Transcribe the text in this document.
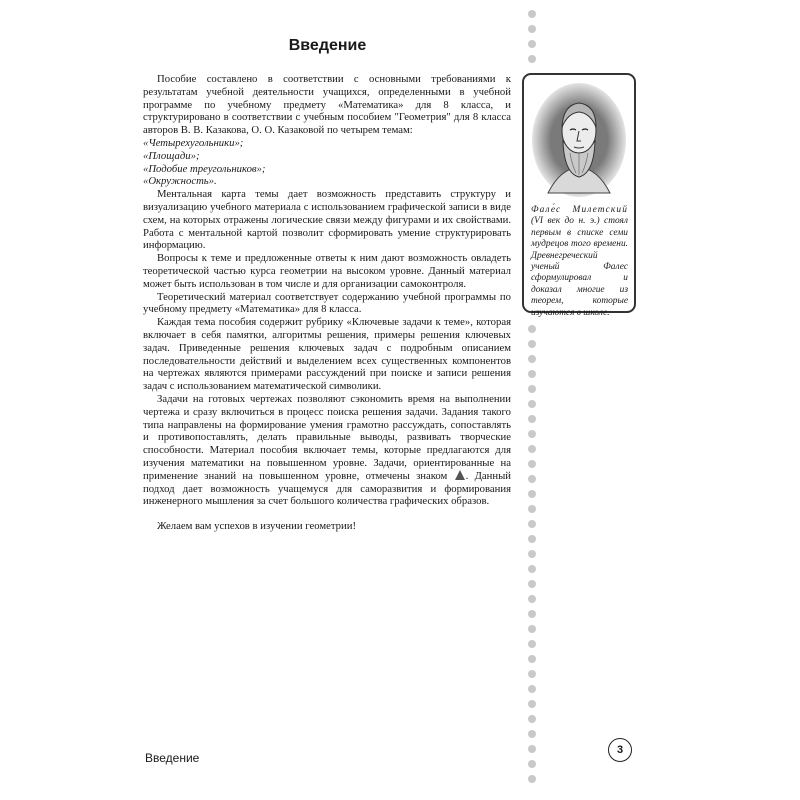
Введение

Пособие составлено в соответствии с основными требованиями к результатам учебной деятельности учащихся, определенными в учебной программе по учебному предмету «Математика» для 8 класса, и структурировано в соответствии с учебным пособием "Геометрия" для 8 класса авторов В. В. Казакова, О. О. Казаковой по четырем темам:

«Четырехугольники»;

«Площади»;

«Подобие треугольников»;

«Окружность».

Ментальная карта темы дает возможность представить структуру и визуализацию учебного материала с использованием графической записи в виде схем, на которых отражены логические связи между фигурами и их свойствами. Работа с ментальной картой позволит сформировать умение структурировать информацию.

Вопросы к теме и предложенные ответы к ним дают возможность овладеть теоретической частью курса геометрии на высоком уровне. Данный материал может быть использован в том числе и для организации самоконтроля.

Теоретический материал соответствует содержанию учебной программы по учебному предмету «Математика» для 8 класса.

Каждая тема пособия содержит рубрику «Ключевые задачи к теме», которая включает в себя памятки, алгоритмы решения, примеры решения ключевых задач. Приведенные решения ключевых задач с подробным описанием последовательности действий и выделением всех существенных компонентов на чертежах являются примерами рассуждений при поиске и записи решения задач с использованием математической символики.

Задачи на готовых чертежах позволяют сэкономить время на выполнении чертежа и сразу включиться в процесс поиска решения задачи. Задания такого типа направлены на формирование умения грамотно рассуждать, сопоставлять и противопоставлять, делать правильные выводы, развивать творческие способности. Материал пособия включает темы, которые предлагаются для изучения математики на повышенном уровне. Задачи, ориентированные на применение знаний на повышенном уровне, отмечены знаком . Данный подход дает возможность учащемуся для саморазвития и формирования инженерного мышления за счет большого количества графических образов.

Желаем вам успехов в изучении геометрии!

Фале́с Милетский (VI век до н. э.) стоял первым в списке семи мудрецов того времени. Древнегреческий ученый Фалес сформулировал и доказал многие из теорем, которые изучаются в школе.
Введение
3
